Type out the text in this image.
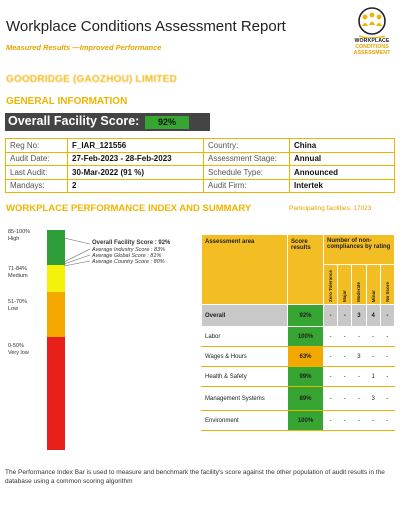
Workplace Conditions Assessment Report
Measured Results —Improved Performance
WORKPLACE
CONDITIONS
ASSESSMENT
GOODRIDGE (GAOZHOU) LIMITED
GENERAL INFORMATION
Overall Facility Score:	92%
Reg No:	F_IAR_121556	Country:	China
Audit Date:	27-Feb-2023 - 28-Feb-2023	Assessment Stage:	Annual
Last Audit:	30-Mar-2022 (91 %)	Schedule Type:	Announced
Mandays:	2	Audit Firm:	Intertek
WORKPLACE PERFORMANCE INDEX AND SUMMARY	Participating facilities: 17023
85-100%
High
71-84%
Medium
51-70%
Low
0-50%
Very low
Overall Facility Score : 92%
Average Industry Score : 83%
Average Global Score : 81%
Average Country Score : 80%
Assessment area	Score results	Number of non-compliances by rating				
		Zero Tolerance	Major	Moderate	Minor	No Score
Overall	92%	-	-	3	4	-
Labor	100%	-	-	-	-	-
Wages & Hours	63%	-	-	3	-	-
Health & Safety	99%	-	-	-	1	-
Management Systems	89%	-	-	-	3	-
Environment	100%	-	-	-	-	-
The Performance Index Bar is used to measure and benchmark the facility's score against the other population of audit results in the database using a common scoring algorithm
